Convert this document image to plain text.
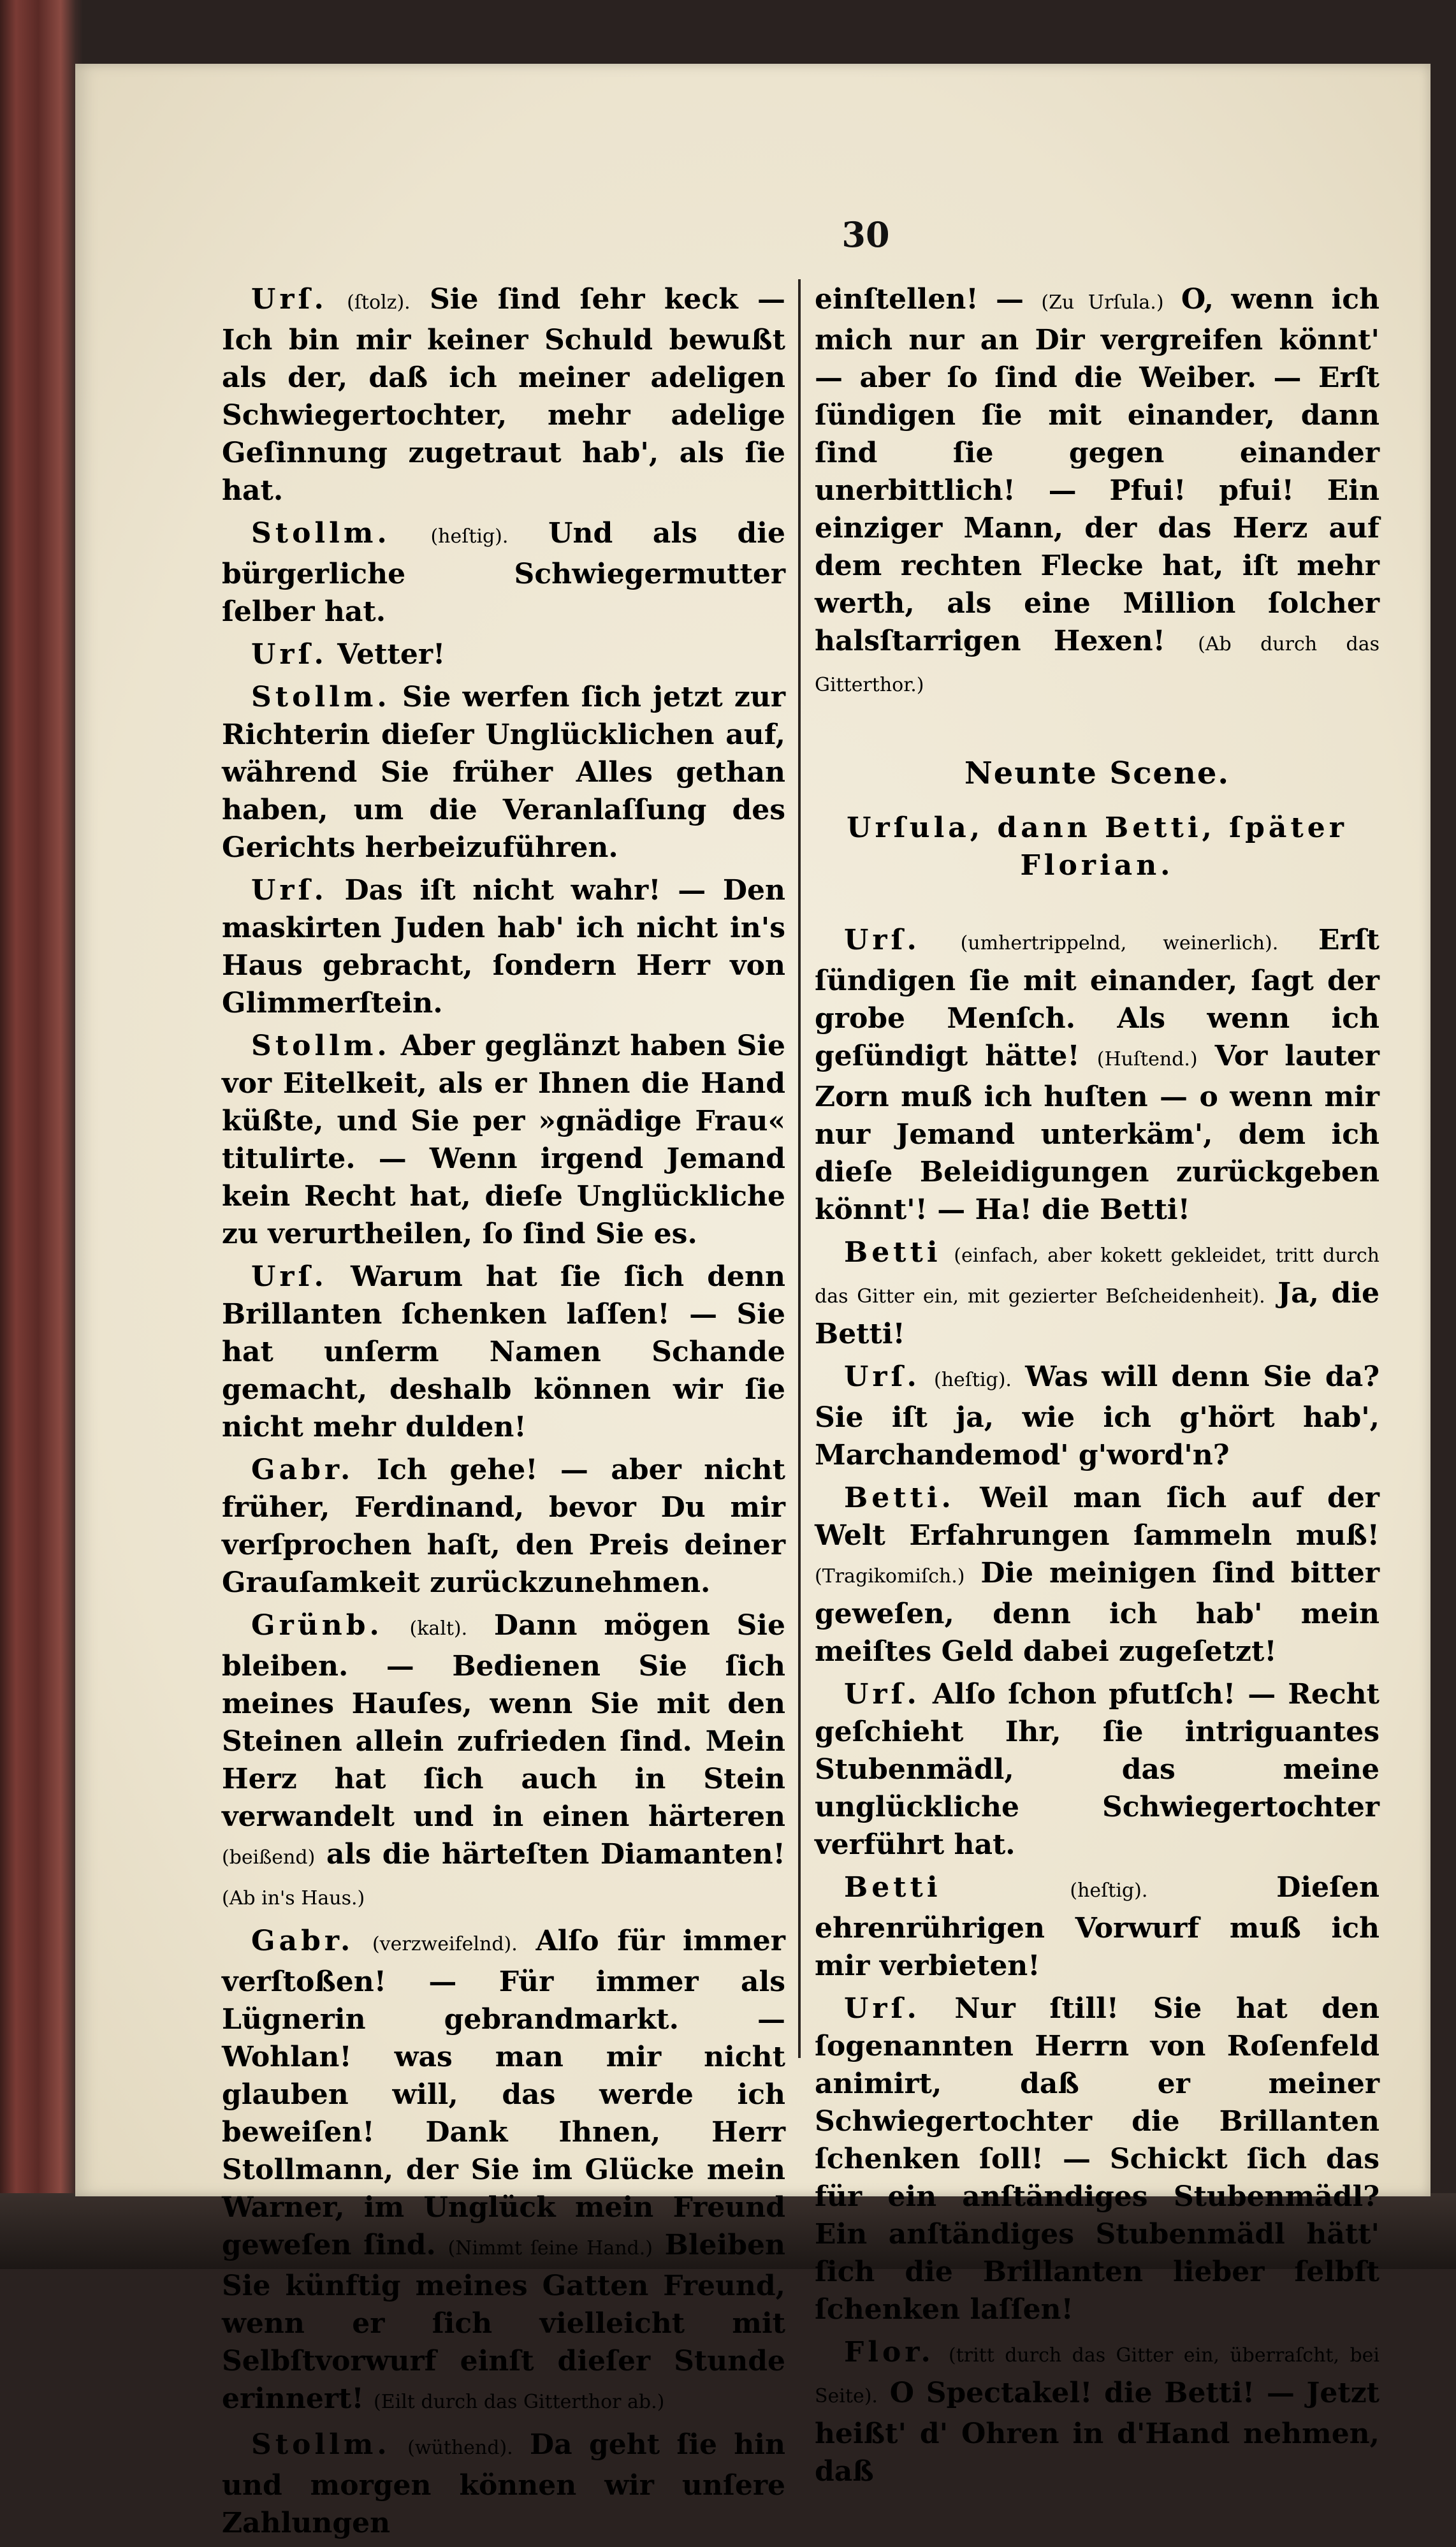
30

Urſ. (ſtolz). Sie ſind ſehr keck — Ich bin mir keiner Schuld bewußt als der, daß ich meiner adeligen Schwiegertochter, mehr adelige Geſinnung zugetraut hab', als ſie hat.

Stollm. (heſtig). Und als die bürgerliche Schwiegermutter ſelber hat.

Urſ. Vetter!

Stollm. Sie werfen ſich jetzt zur Richterin dieſer Unglücklichen auf, während Sie früher Alles gethan haben, um die Veranlaſſung des Gerichts herbeizuführen.

Urſ. Das iſt nicht wahr! — Den maskirten Juden hab' ich nicht in's Haus gebracht, ſondern Herr von Glimmerſtein.

Stollm. Aber geglänzt haben Sie vor Eitelkeit, als er Ihnen die Hand küßte, und Sie per »gnädige Frau« titulirte. — Wenn irgend Jemand kein Recht hat, dieſe Unglückliche zu verurtheilen, ſo ſind Sie es.

Urſ. Warum hat ſie ſich denn Brillanten ſchenken laſſen! — Sie hat unſerm Namen Schande gemacht, deshalb können wir ſie nicht mehr dulden!

Gabr. Ich gehe! — aber nicht früher, Ferdinand, bevor Du mir verſprochen haſt, den Preis deiner Grauſamkeit zurückzunehmen.

Grünb. (kalt). Dann mögen Sie bleiben. — Bedienen Sie ſich meines Hauſes, wenn Sie mit den Steinen allein zufrieden ſind. Mein Herz hat ſich auch in Stein verwandelt und in einen härteren (beißend) als die härteſten Diamanten! (Ab in's Haus.)

Gabr. (verzweifelnd). Alſo für immer verſtoßen! — Für immer als Lügnerin gebrandmarkt. — Wohlan! was man mir nicht glauben will, das werde ich beweiſen! Dank Ihnen, Herr Stollmann, der Sie im Glücke mein Warner, im Unglück mein Freund geweſen ſind. (Nimmt ſeine Hand.) Bleiben Sie künftig meines Gatten Freund, wenn er ſich vielleicht mit Selbſtvorwurf einſt dieſer Stunde erinnert! (Eilt durch das Gitterthor ab.)

Stollm. (wüthend). Da geht ſie hin und morgen können wir unſere Zahlungen

einſtellen! — (Zu Urſula.) O, wenn ich mich nur an Dir vergreifen könnt' — aber ſo ſind die Weiber. — Erſt ſündigen ſie mit einander, dann ſind ſie gegen einander unerbittlich! — Pfui! pfui! Ein einziger Mann, der das Herz auf dem rechten Flecke hat, iſt mehr werth, als eine Million ſolcher halsſtarrigen Hexen! (Ab durch das Gitterthor.)

Neunte Scene.
Urſula, dann Betti, ſpäter Florian.

Urſ. (umhertrippelnd, weinerlich). Erſt ſündigen ſie mit einander, ſagt der grobe Menſch. Als wenn ich geſündigt hätte! (Huſtend.) Vor lauter Zorn muß ich huſten — o wenn mir nur Jemand unterkäm', dem ich dieſe Beleidigungen zurückgeben könnt'! — Ha! die Betti!

Betti (einfach, aber kokett gekleidet, tritt durch das Gitter ein, mit gezierter Beſcheidenheit). Ja, die Betti!

Urſ. (heſtig). Was will denn Sie da? Sie iſt ja, wie ich g'hört hab', Marchandemod' g'word'n?

Betti. Weil man ſich auf der Welt Erfahrungen ſammeln muß! (Tragikomiſch.) Die meinigen ſind bitter geweſen, denn ich hab' mein meiſtes Geld dabei zugeſetzt!

Urſ. Alſo ſchon pfutſch! — Recht geſchieht Ihr, ſie intriguantes Stubenmädl, das meine unglückliche Schwiegertochter verführt hat.

Betti	(heſtig).	Dieſen ehrenrührigen Vorwurf muß ich mir verbieten!

Urſ. Nur ſtill! Sie hat den ſogenannten Herrn von Roſenfeld animirt, daß er meiner Schwiegertochter die Brillanten ſchenken ſoll! — Schickt ſich das für ein anſtändiges Stubenmädl? Ein anſtändiges Stubenmädl hätt' ſich die Brillanten lieber ſelbſt ſchenken laſſen!

Flor. (tritt durch das Gitter ein, überraſcht, bei Seite). O Spectakel! die Betti! — Jetzt heißt' d' Ohren in d'Hand nehmen, daß
